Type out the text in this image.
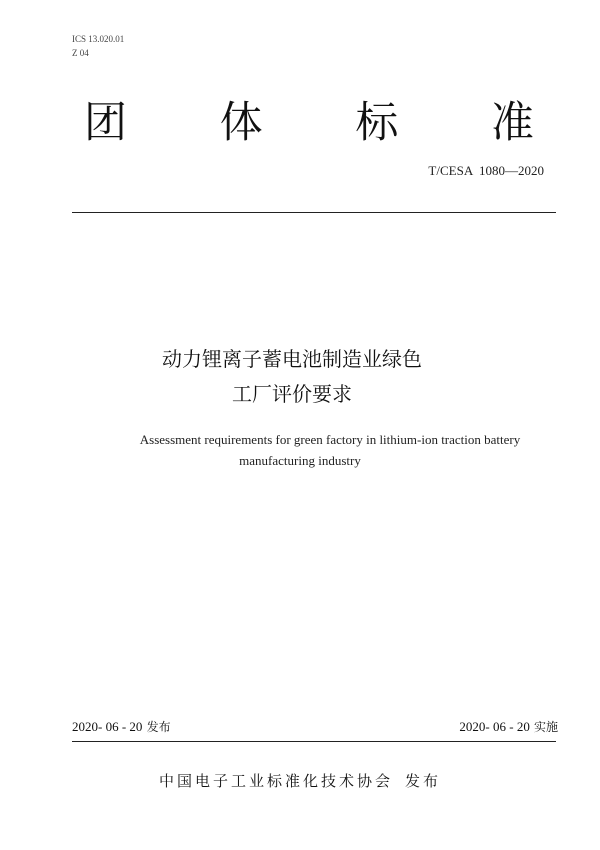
ICS 13.020.01
Z 04
团 体 标 准
T/CESA  1080—2020
动力锂离子蓄电池制造业绿色
工厂评价要求
Assessment requirements for green factory in lithium-ion traction battery
manufacturing industry
2020- 06 - 20 发布	2020- 06 - 20 实施
中国电子工业标准化技术协会 发布
